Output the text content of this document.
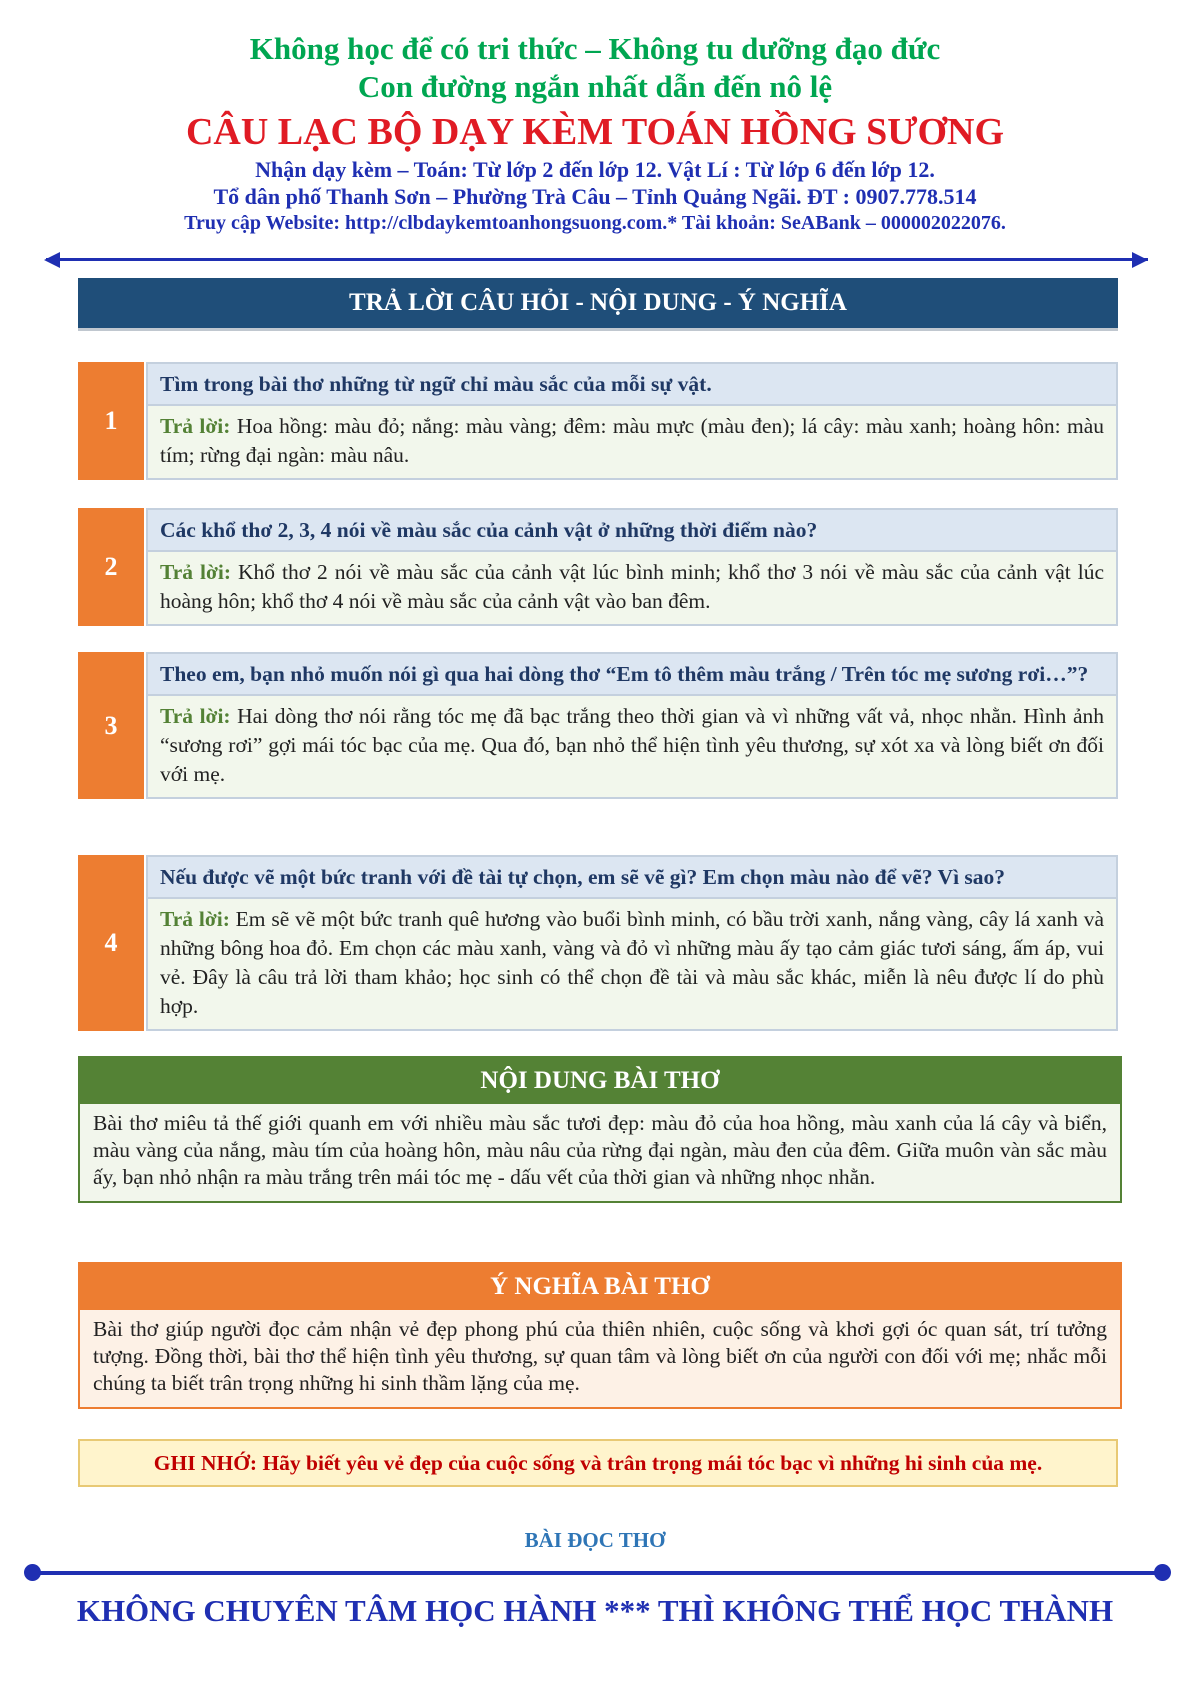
Không học để có tri thức – Không tu dưỡng đạo đức
Con đường ngắn nhất dẫn đến nô lệ
CÂU LẠC BỘ DẠY KÈM TOÁN HỒNG SƯƠNG
Nhận dạy kèm – Toán: Từ lớp 2 đến lớp 12. Vật Lí : Từ lớp 6 đến lớp 12.
Tổ dân phố Thanh Sơn – Phường Trà Câu – Tỉnh Quảng Ngãi. ĐT : 0907.778.514
Truy cập Website: http://clbdaykemtoanhongsuong.com.* Tài khoản: SeABank – 000002022076.
TRẢ LỜI CÂU HỎI - NỘI DUNG - Ý NGHĨA
1
Tìm trong bài thơ những từ ngữ chỉ màu sắc của mỗi sự vật.
Trả lời: Hoa hồng: màu đỏ; nắng: màu vàng; đêm: màu mực (màu đen); lá cây: màu xanh; hoàng hôn: màu tím; rừng đại ngàn: màu nâu.
2
Các khổ thơ 2, 3, 4 nói về màu sắc của cảnh vật ở những thời điểm nào?
Trả lời: Khổ thơ 2 nói về màu sắc của cảnh vật lúc bình minh; khổ thơ 3 nói về màu sắc của cảnh vật lúc hoàng hôn; khổ thơ 4 nói về màu sắc của cảnh vật vào ban đêm.
3
Theo em, bạn nhỏ muốn nói gì qua hai dòng thơ “Em tô thêm màu trắng / Trên tóc mẹ sương rơi…”?
Trả lời: Hai dòng thơ nói rằng tóc mẹ đã bạc trắng theo thời gian và vì những vất vả, nhọc nhằn. Hình ảnh “sương rơi” gợi mái tóc bạc của mẹ. Qua đó, bạn nhỏ thể hiện tình yêu thương, sự xót xa và lòng biết ơn đối với mẹ.
4
Nếu được vẽ một bức tranh với đề tài tự chọn, em sẽ vẽ gì? Em chọn màu nào để vẽ? Vì sao?
Trả lời: Em sẽ vẽ một bức tranh quê hương vào buổi bình minh, có bầu trời xanh, nắng vàng, cây lá xanh và những bông hoa đỏ. Em chọn các màu xanh, vàng và đỏ vì những màu ấy tạo cảm giác tươi sáng, ấm áp, vui vẻ. Đây là câu trả lời tham khảo; học sinh có thể chọn đề tài và màu sắc khác, miễn là nêu được lí do phù hợp.
NỘI DUNG BÀI THƠ
Bài thơ miêu tả thế giới quanh em với nhiều màu sắc tươi đẹp: màu đỏ của hoa hồng, màu xanh của lá cây và biển, màu vàng của nắng, màu tím của hoàng hôn, màu nâu của rừng đại ngàn, màu đen của đêm. Giữa muôn vàn sắc màu ấy, bạn nhỏ nhận ra màu trắng trên mái tóc mẹ - dấu vết của thời gian và những nhọc nhằn.
Ý NGHĨA BÀI THƠ
Bài thơ giúp người đọc cảm nhận vẻ đẹp phong phú của thiên nhiên, cuộc sống và khơi gợi óc quan sát, trí tưởng tượng. Đồng thời, bài thơ thể hiện tình yêu thương, sự quan tâm và lòng biết ơn của người con đối với mẹ; nhắc mỗi chúng ta biết trân trọng những hi sinh thầm lặng của mẹ.
GHI NHỚ: Hãy biết yêu vẻ đẹp của cuộc sống và trân trọng mái tóc bạc vì những hi sinh của mẹ.
BÀI ĐỌC THƠ
KHÔNG CHUYÊN TÂM HỌC HÀNH *** THÌ KHÔNG THỂ HỌC THÀNH
